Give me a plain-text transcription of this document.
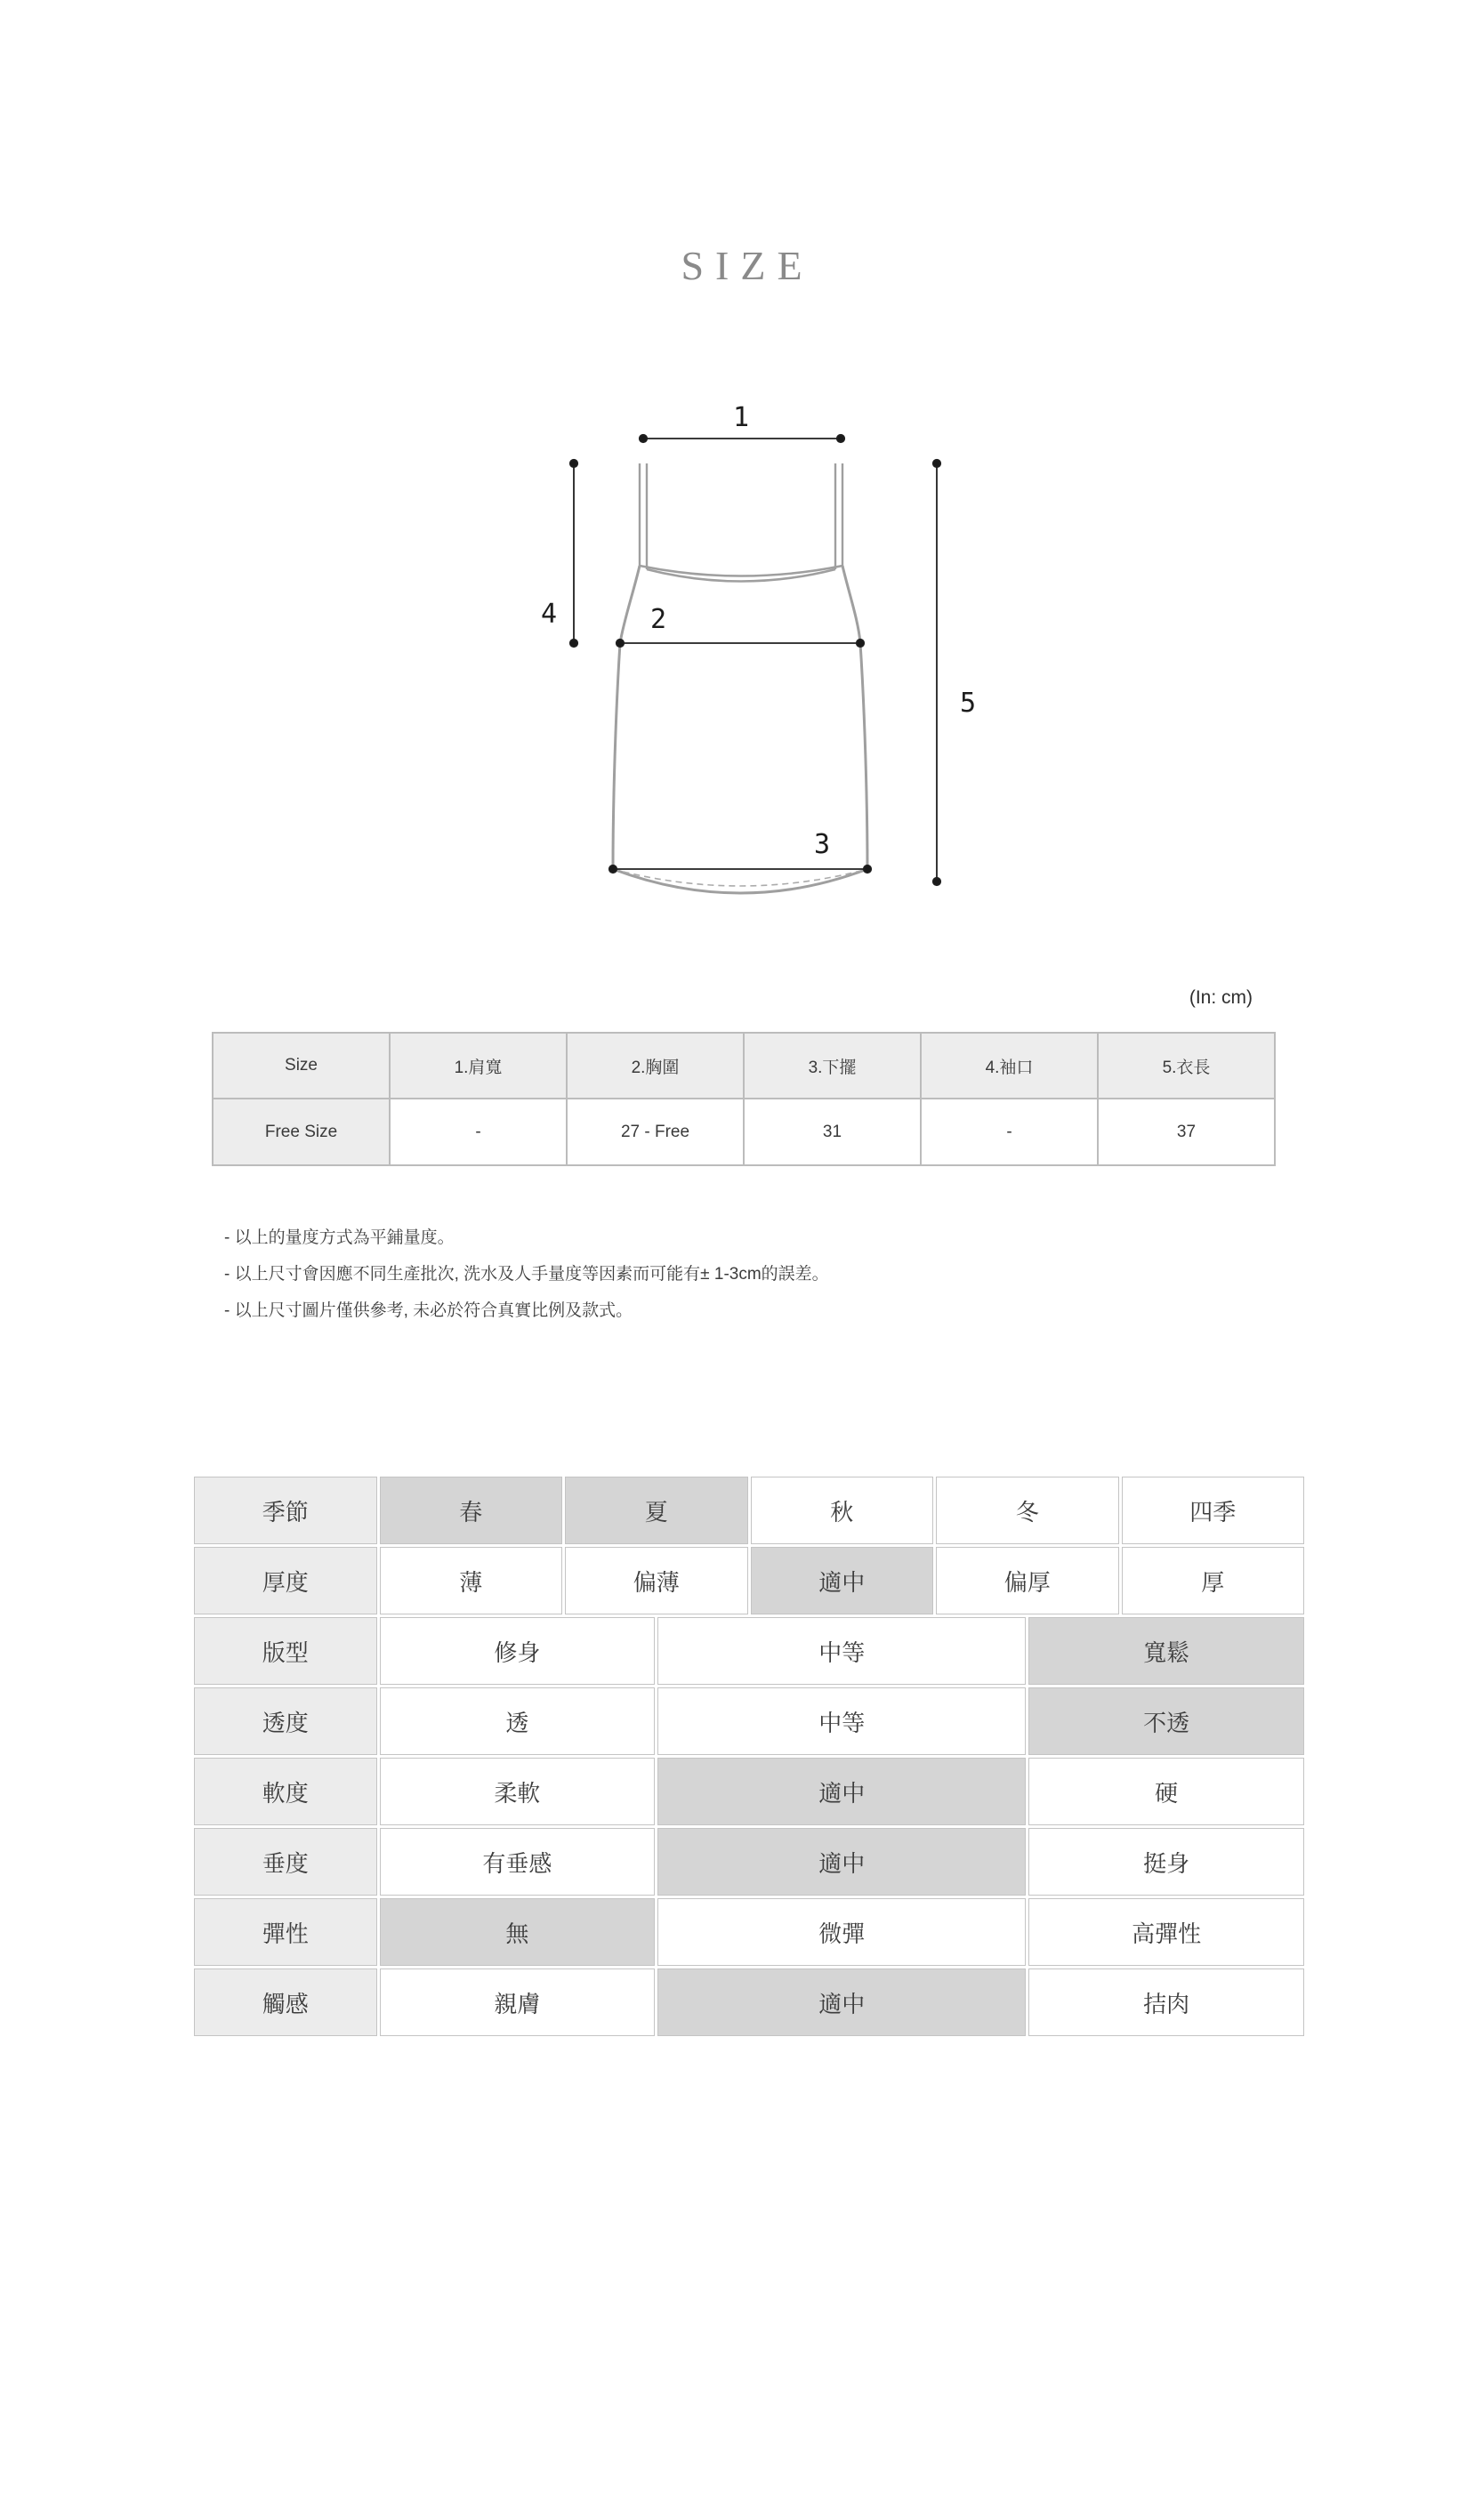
SIZE
1
2
3
4
5
(In: cm)
Size	1.肩寬	2.胸圍	3.下擺	4.袖口	5.衣長
Free Size	-	27 - Free	31	-	37

- 以上的量度方式為平鋪量度。

- 以上尺寸會因應不同生產批次, 洗水及人手量度等因素而可能有± 1-3cm的誤差。

- 以上尺寸圖片僅供參考, 未必於符合真實比例及款式。

季節	春	夏		秋	冬		四季
厚度	薄	偏薄		適中	偏厚		厚
版型	修身		中等			寬鬆	
透度	透		中等			不透	
軟度	柔軟		適中			硬	
垂度	有垂感		適中			挺身	
彈性	無		微彈			高彈性	
觸感	親膚		適中			拮肉	
